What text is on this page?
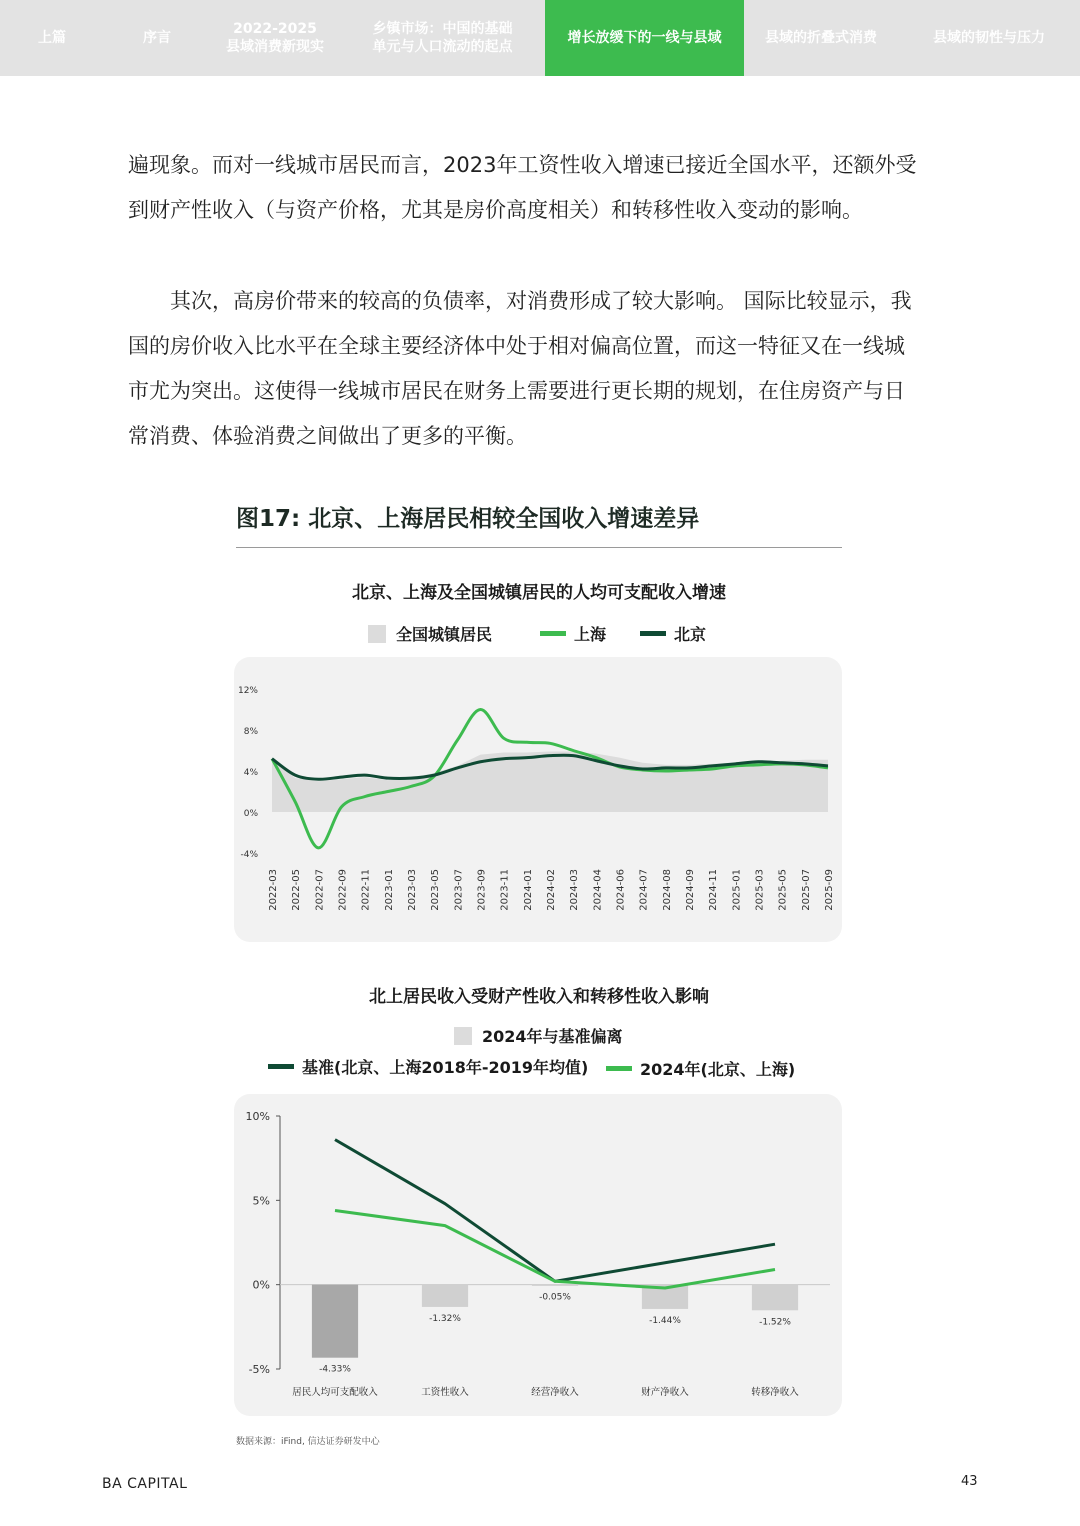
上篇	序言
2022-2025
县域消费新现实
乡镇市场：中国的基础
单元与人口流动的起点
增长放缓下的一线与县域	县域的折叠式消费	县域的韧性与压力

遍现象。而对一线城市居民而言，2023年工资性收入增速已接近全国水平，还额外受

到财产性收入（与资产价格，尤其是房价高度相关）和转移性收入变动的影响。

其次，高房价带来的较高的负债率，对消费形成了较大影响。 国际比较显示，我

国的房价收入比水平在全球主要经济体中处于相对偏高位置，而这一特征又在一线城

市尤为突出。这使得一线城市居民在财务上需要进行更长期的规划，在住房资产与日

常消费、体验消费之间做出了更多的平衡。

图17: 北京、上海居民相较全国收入增速差异
北京、上海及全国城镇居民的人均可支配收入增速
全国城镇居民	上海	北京
12%
8%
4%
0%
-4%
2022-03 2022-05 2022-07 2022-09 2022-11 2023-01 2023-03 2023-05 2023-07 2023-09 2023-11 2024-01 2024-02 2024-03 2024-04 2024-06 2024-07 2024-08 2024-09 2024-11 2025-01 2025-03 2025-05 2025-07 2025-09
北上居民收入受财产性收入和转移性收入影响
2024年与基准偏离
基准(北京、上海2018年-2019年均值)	2024年(北京、上海)
10%
5%
0%
-5%	-4.33%
-1.32%
-0.05%
-1.44%	-1.52%
居民人均可支配收入	工资性收入	经营净收入	财产净收入	转移净收入
数据来源：iFind, 信达证券研发中心
BA CAPITAL	43
